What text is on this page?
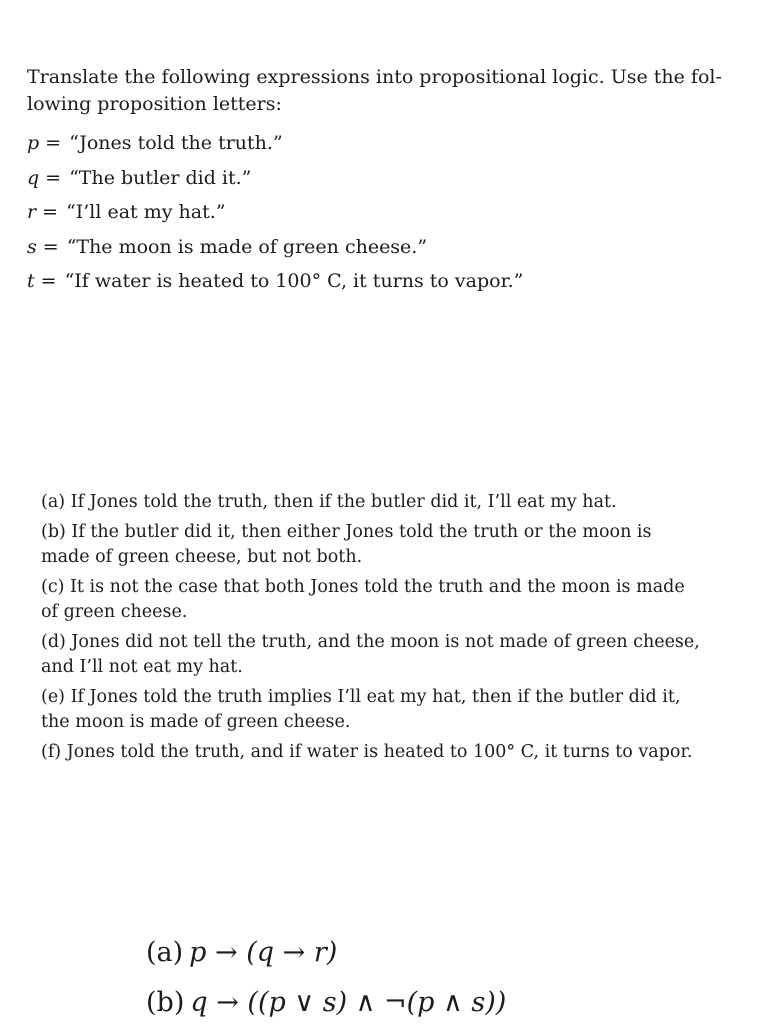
Translate the following expressions into propositional logic. Use the fol-
lowing proposition letters:
p = “Jones told the truth.”
q = “The butler did it.”
r = “I’ll eat my hat.”
s = “The moon is made of green cheese.”
t = “If water is heated to 100° C, it turns to vapor.”
(a) If Jones told the truth, then if the butler did it, I’ll eat my hat.
(b) If the butler did it, then either Jones told the truth or the moon is
made of green cheese, but not both.
(c) It is not the case that both Jones told the truth and the moon is made
of green cheese.
(d) Jones did not tell the truth, and the moon is not made of green cheese,
and I’ll not eat my hat.
(e) If Jones told the truth implies I’ll eat my hat, then if the butler did it,
the moon is made of green cheese.
(f) Jones told the truth, and if water is heated to 100° C, it turns to vapor.
(a) p → (q → r)
(b) q → ((p ∨ s) ∧ ¬(p ∧ s))
